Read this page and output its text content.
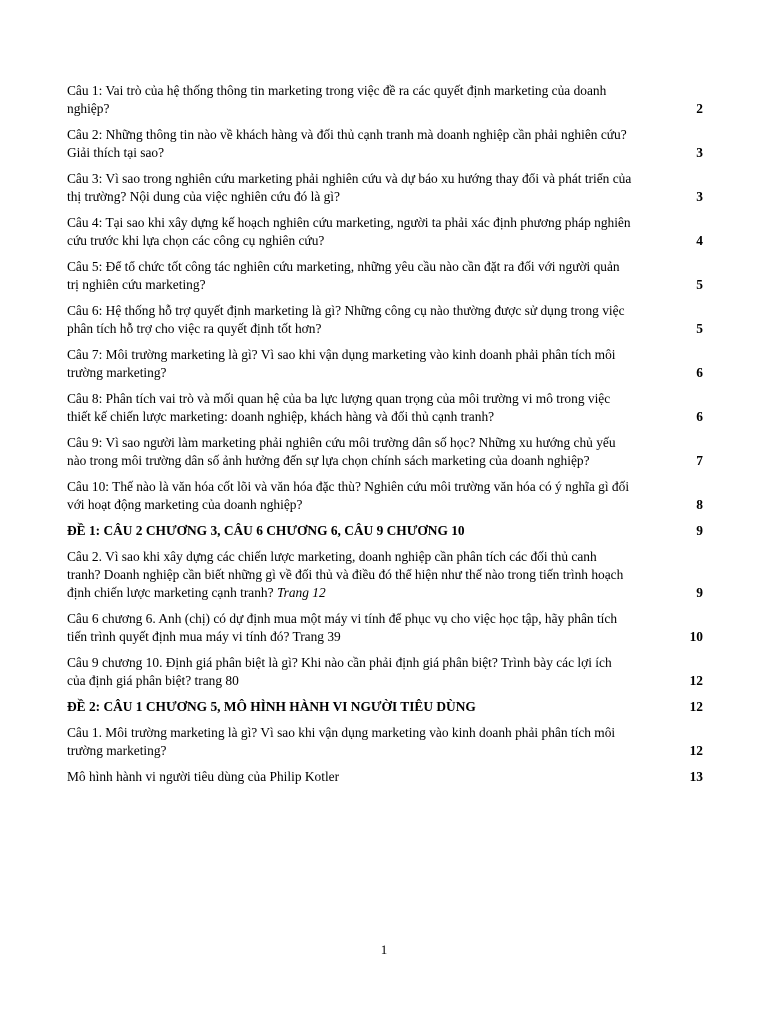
Câu 1: Vai trò của hệ thống thông tin marketing trong việc đề ra các quyết định marketing của doanh
nghiệp?	2
Câu 2: Những thông tin nào về khách hàng và đối thủ cạnh tranh mà doanh nghiệp cần phải nghiên cứu?
Giải thích tại sao?	3
Câu 3: Vì sao trong nghiên cứu marketing phải nghiên cứu và dự báo xu hướng thay đổi và phát triển của
thị trường? Nội dung của việc nghiên cứu đó là gì?	3
Câu 4: Tại sao khi xây dựng kế hoạch nghiên cứu marketing, người ta phải xác định phương pháp nghiên
cứu trước khi lựa chọn các công cụ nghiên cứu?	4
Câu 5: Để tổ chức tốt công tác nghiên cứu marketing, những yêu cầu nào cần đặt ra đối với người quản
trị nghiên cứu marketing?	5
Câu 6: Hệ thống hỗ trợ quyết định marketing là gì? Những công cụ nào thường được sử dụng trong việc
phân tích hỗ trợ cho việc ra quyết định tốt hơn?	5
Câu 7: Môi trường marketing là gì? Vì sao khi vận dụng marketing vào kinh doanh phải phân tích môi
trường marketing?	6
Câu 8: Phân tích vai trò và mối quan hệ của ba lực lượng quan trọng của môi trường vi mô trong việc
thiết kế chiến lược marketing: doanh nghiệp, khách hàng và đối thủ cạnh tranh?	6
Câu 9: Vì sao người làm marketing phải nghiên cứu môi trường dân số học? Những xu hướng chủ yếu
nào trong môi trường dân số ảnh hưởng đến sự lựa chọn chính sách marketing của doanh nghiệp?	7
Câu 10: Thế nào là văn hóa cốt lõi và văn hóa đặc thù? Nghiên cứu môi trường văn hóa có ý nghĩa gì đối
với hoạt động marketing của doanh nghiệp?	8
ĐỀ 1: CÂU 2 CHƯƠNG 3, CÂU 6 CHƯƠNG 6, CÂU 9 CHƯƠNG 10	9
Câu 2. Vì sao khi xây dựng các chiến lược marketing, doanh nghiệp cần phân tích các đối thủ canh
tranh? Doanh nghiệp cần biết những gì về đối thủ và điều đó thể hiện như thế nào trong tiến trình hoạch
định chiến lược marketing cạnh tranh?
Trang 12	9
Câu 6 chương 6. Anh (chị) có dự định mua một máy vi tính để phục vụ cho việc học tập, hãy phân tích
tiến trình quyết định mua máy vi tính đó? Trang 39	10
Câu 9 chương 10. Định giá phân biệt là gì? Khi nào cần phải định giá phân biệt? Trình bày các lợi ích
của định giá phân biệt? trang 80	12
ĐỀ 2: CÂU 1 CHƯƠNG 5, MÔ HÌNH HÀNH VI NGƯỜI TIÊU DÙNG	12
Câu 1. Môi trường marketing là gì? Vì sao khi vận dụng marketing vào kinh doanh phải phân tích môi
trường marketing?	12
Mô hình hành vi người tiêu dùng của Philip Kotler	13
1
